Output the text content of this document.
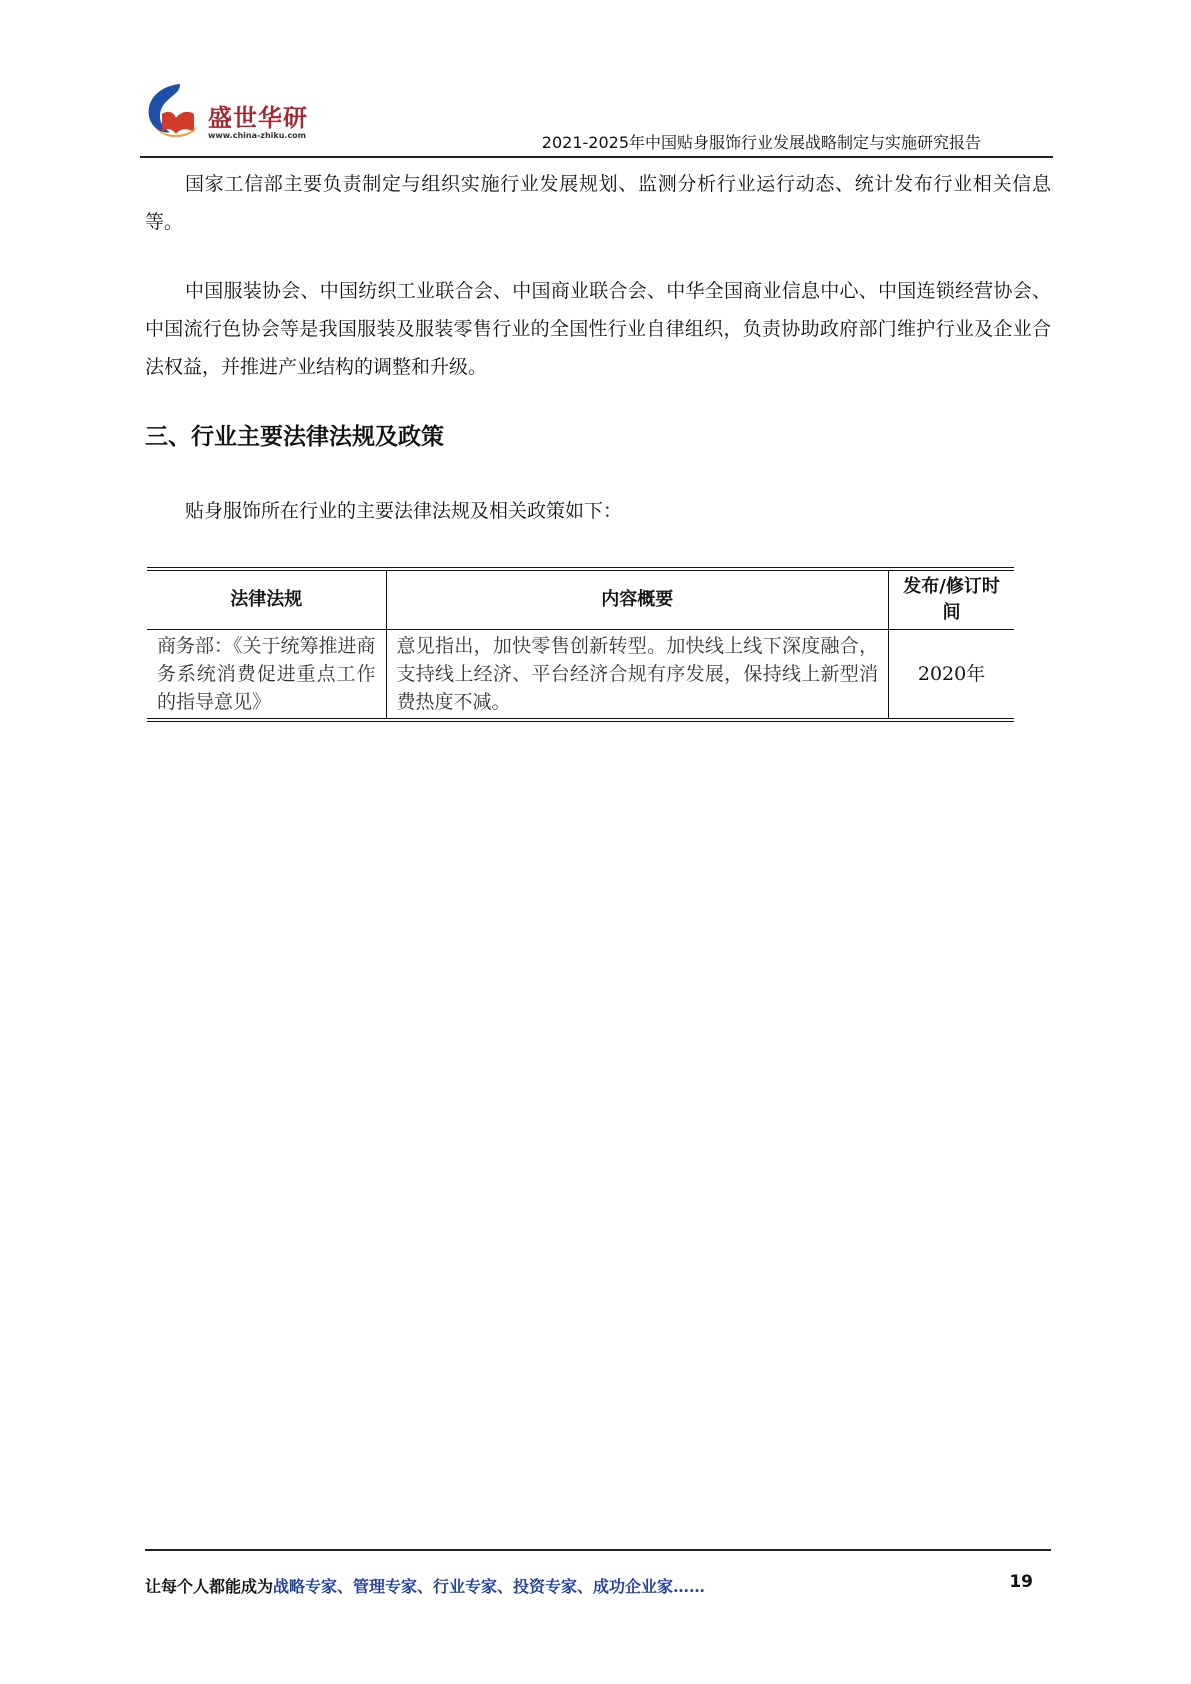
盛世华研
www.china-zhiku.com	2021-2025年中国贴身服饰行业发展战略制定与实施研究报告

国家工信部主要负责制定与组织实施行业发展规划、监测分析行业运行动态、统计发布行业相关信息等。

中国服装协会、中国纺织工业联合会、中国商业联合会、中华全国商业信息中心、中国连锁经营协会、中国流行色协会等是我国服装及服装零售行业的全国性行业自律组织，负责协助政府部门维护行业及企业合法权益，并推进产业结构的调整和升级。

三、行业主要法律法规及政策

贴身服饰所在行业的主要法律法规及相关政策如下：

法律法规	内容概要	发布/修订时间
商务部：《关于统筹推进商务系统消费促进重点工作的指导意见》	意见指出，加快零售创新转型。加快线上线下深度融合，支持线上经济、平台经济合规有序发展，保持线上新型消费热度不减。	2020年
让每个人都能成为战略专家、管理专家、行业专家、投资专家、成功企业家……	19
